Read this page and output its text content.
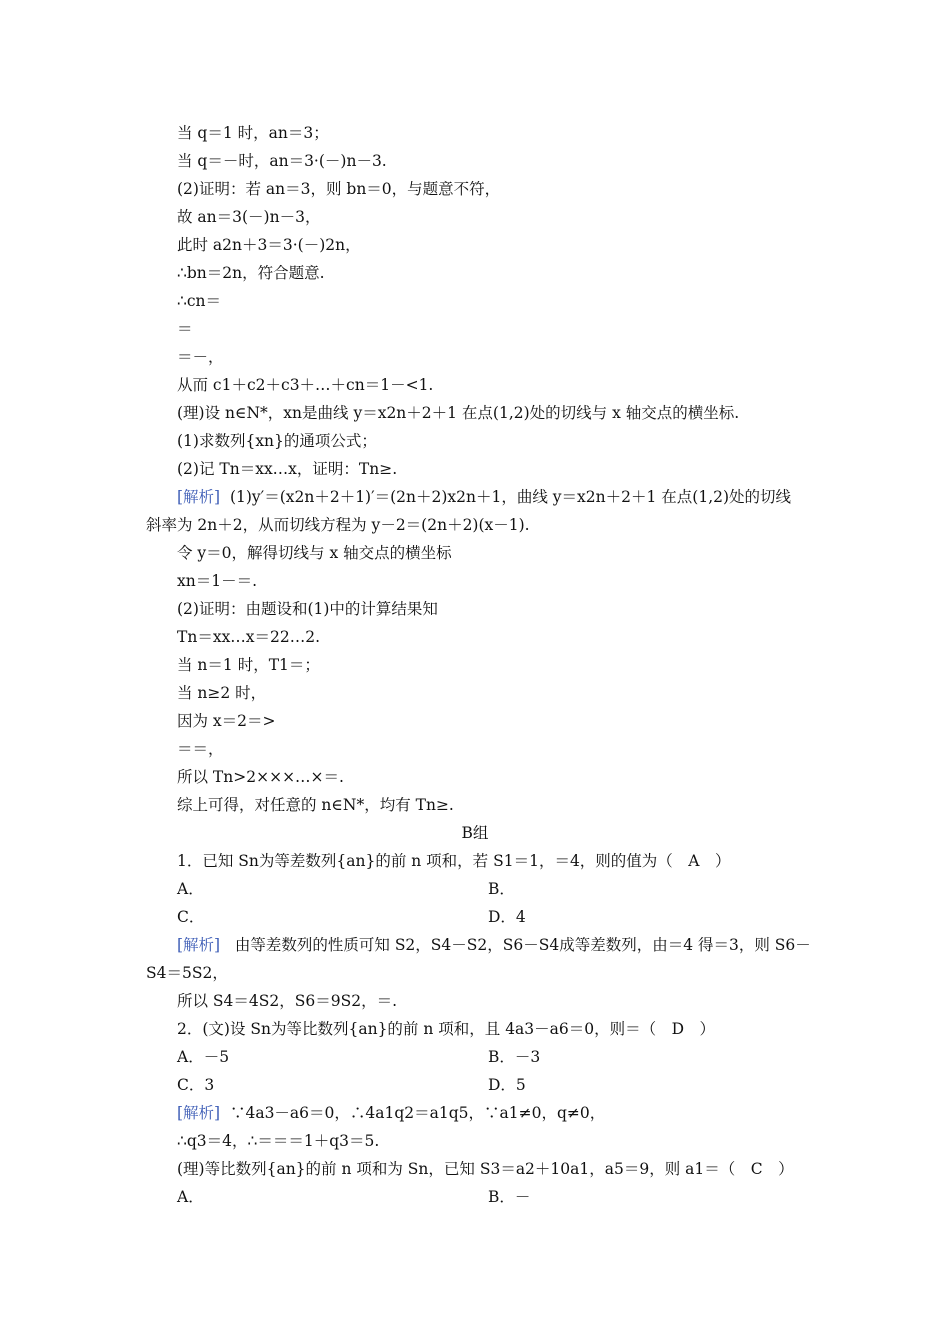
当 q＝1 时，an＝3；
当 q＝－时，an＝3·(－)n－3.
(2)证明：若 an＝3，则 bn＝0，与题意不符，
故 an＝3(－)n－3，
此时 a2n＋3＝3·(－)2n，
∴bn＝2n，符合题意.
∴cn＝
＝
＝－，
从而 c1＋c2＋c3＋…＋cn＝1－<1.
(理)设 n∈N*，xn是曲线 y＝x2n＋2＋1 在点(1,2)处的切线与 x 轴交点的横坐标.
(1)求数列{xn}的通项公式；
(2)记 Tn＝xx…x，证明：Tn≥.
[解析] (1)y′＝(x2n＋2＋1)′＝(2n＋2)x2n＋1，曲线 y＝x2n＋2＋1 在点(1,2)处的切线
斜率为 2n＋2，从而切线方程为 y－2＝(2n＋2)(x－1).
令 y＝0，解得切线与 x 轴交点的横坐标
xn＝1－＝.
(2)证明：由题设和(1)中的计算结果知
Tn＝xx…x＝22…2.
当 n＝1 时，T1＝；
当 n≥2 时，
因为 x＝2＝>
＝＝，
所以 Tn>2×××…×＝.
综上可得，对任意的 n∈N*，均有 Tn≥.
B组
1．已知 Sn为等差数列{an}的前 n 项和，若 S1＝1，＝4，则的值为（　A　）
A．	B．
C．	D．4
[解析] 由等差数列的性质可知 S2，S4－S2，S6－S4成等差数列，由＝4 得＝3，则 S6－
S4＝5S2，
所以 S4＝4S2，S6＝9S2，＝.
2．(文)设 Sn为等比数列{an}的前 n 项和，且 4a3－a6＝0，则＝（　D　）
A．－5	B．－3
C．3	D．5
[解析] ∵4a3－a6＝0，∴4a1q2＝a1q5，∵a1≠0，q≠0，
∴q3＝4，∴＝＝＝1＋q3＝5.
(理)等比数列{an}的前 n 项和为 Sn，已知 S3＝a2＋10a1，a5＝9，则 a1＝（　C　）
A．	B．－
